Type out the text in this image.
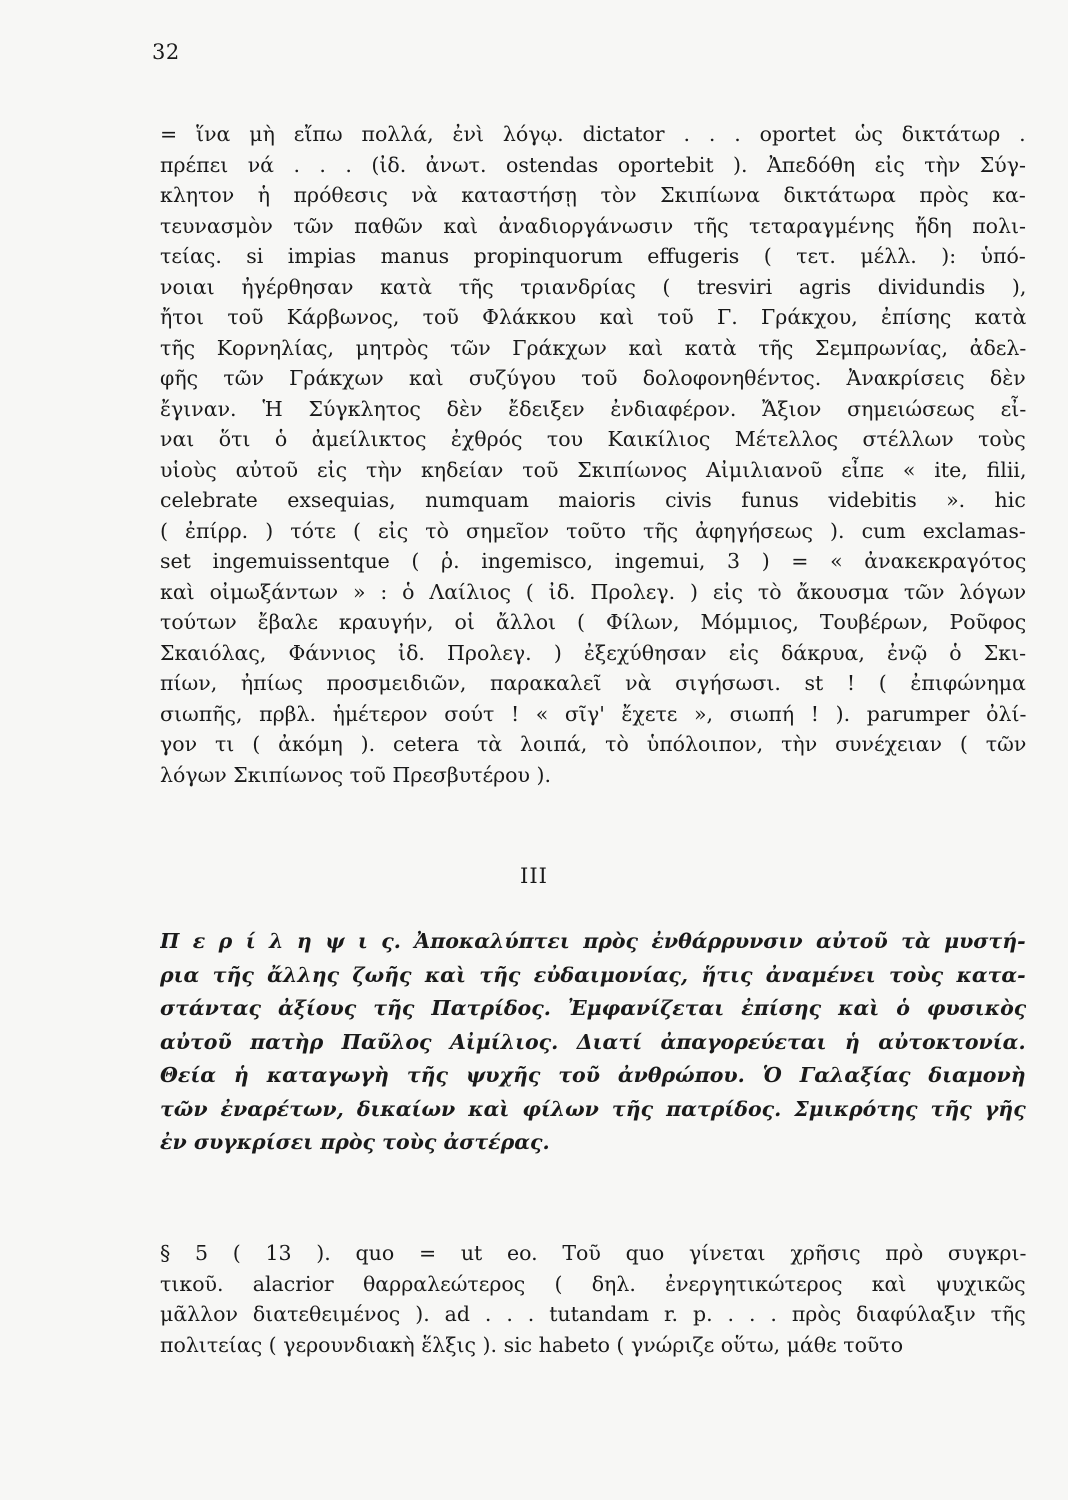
32
= ἵνα μὴ εἴπω πολλά, ἐνὶ λόγῳ. dictator . . . oportet ὡς δικτάτωρ .
πρέπει νά . . . (ἰδ. ἀνωτ. ostendas oportebit ). Ἀπεδόθη εἰς τὴν Σύγ-
κλητον ἡ πρόθεσις νὰ καταστήσῃ τὸν Σκιπίωνα δικτάτωρα πρὸς κα-
τευνασμὸν τῶν παθῶν καὶ ἀναδιοργάνωσιν τῆς τεταραγμένης ἤδη πολι-
τείας. si impias manus propinquorum effugeris ( τετ. μέλλ. ): ὑπό-
νοιαι ἠγέρθησαν κατὰ τῆς τριανδρίας ( tresviri agris dividundis ),
ἤτοι τοῦ Κάρβωνος, τοῦ Φλάκκου καὶ τοῦ Γ. Γράκχου, ἐπίσης κατὰ
τῆς Κορνηλίας, μητρὸς τῶν Γράκχων καὶ κατὰ τῆς Σεμπρωνίας, ἀδελ-
φῆς τῶν Γράκχων καὶ συζύγου τοῦ δολοφονηθέντος. Ἀνακρίσεις δὲν
ἔγιναν. Ἡ Σύγκλητος δὲν ἔδειξεν ἐνδιαφέρον. Ἄξιον σημειώσεως εἶ-
ναι ὅτι ὁ ἀμείλικτος ἐχθρός του Καικίλιος Μέτελλος στέλλων τοὺς
υἱοὺς αὐτοῦ εἰς τὴν κηδείαν τοῦ Σκιπίωνος Αἰμιλιανοῦ εἶπε « ite, filii,
celebrate exsequias, numquam maioris civis funus videbitis ». hic
( ἐπίρρ. ) τότε ( εἰς τὸ σημεῖον τοῦτο τῆς ἀφηγήσεως ). cum exclamas-
set ingemuissentque ( ῥ. ingemisco, ingemui, 3 ) = « ἀνακεκραγότος
καὶ οἰμωξάντων » : ὁ Λαίλιος ( ἰδ. Προλεγ. ) εἰς τὸ ἄκουσμα τῶν λόγων
τούτων ἔβαλε κραυγήν, οἱ ἄλλοι ( Φίλων, Μόμμιος, Τουβέρων, Ροῦφος
Σκαιόλας, Φάννιος ἰδ. Προλεγ. ) ἐξεχύθησαν εἰς δάκρυα, ἐνῷ ὁ Σκι-
πίων, ἠπίως προσμειδιῶν, παρακαλεῖ νὰ σιγήσωσι. st ! ( ἐπιφώνημα
σιωπῆς, πρβλ. ἡμέτερον σούτ ! « σῖγ' ἔχετε », σιωπή ! ). parumper ὀλί-
γον τι ( ἀκόμη ). cetera τὰ λοιπά, τὸ ὑπόλοιπον, τὴν συνέχειαν ( τῶν
λόγων Σκιπίωνος τοῦ Πρεσβυτέρου ).
III
Π ε ρ ί λ η ψ ι ς. Ἀποκαλύπτει πρὸς ἐνθάρρυνσιν αὐτοῦ τὰ μυστή-
ρια τῆς ἄλλης ζωῆς καὶ τῆς εὐδαιμονίας, ἥτις ἀναμένει τοὺς κατα-
στάντας ἀξίους τῆς Πατρίδος. Ἐμφανίζεται ἐπίσης καὶ ὁ φυσικὸς
αὐτοῦ πατὴρ Παῦλος Αἰμίλιος. Διατί ἀπαγορεύεται ἡ αὐτοκτονία.
Θεία ἡ καταγωγὴ τῆς ψυχῆς τοῦ ἀνθρώπου. Ὁ Γαλαξίας διαμονὴ
τῶν ἐναρέτων, δικαίων καὶ φίλων τῆς πατρίδος. Σμικρότης τῆς γῆς
ἐν συγκρίσει πρὸς τοὺς ἀστέρας.
§ 5 ( 13 ). quo = ut eo. Τοῦ quo γίνεται χρῆσις πρὸ συγκρι-
τικοῦ. alacrior θαρραλεώτερος ( δηλ. ἐνεργητικώτερος καὶ ψυχικῶς
μᾶλλον διατεθειμένος ). ad . . . tutandam r. p. . . . πρὸς διαφύλαξιν τῆς
πολιτείας ( γερουνδιακὴ ἕλξις ). sic habeto ( γνώριζε οὕτω, μάθε τοῦτο
